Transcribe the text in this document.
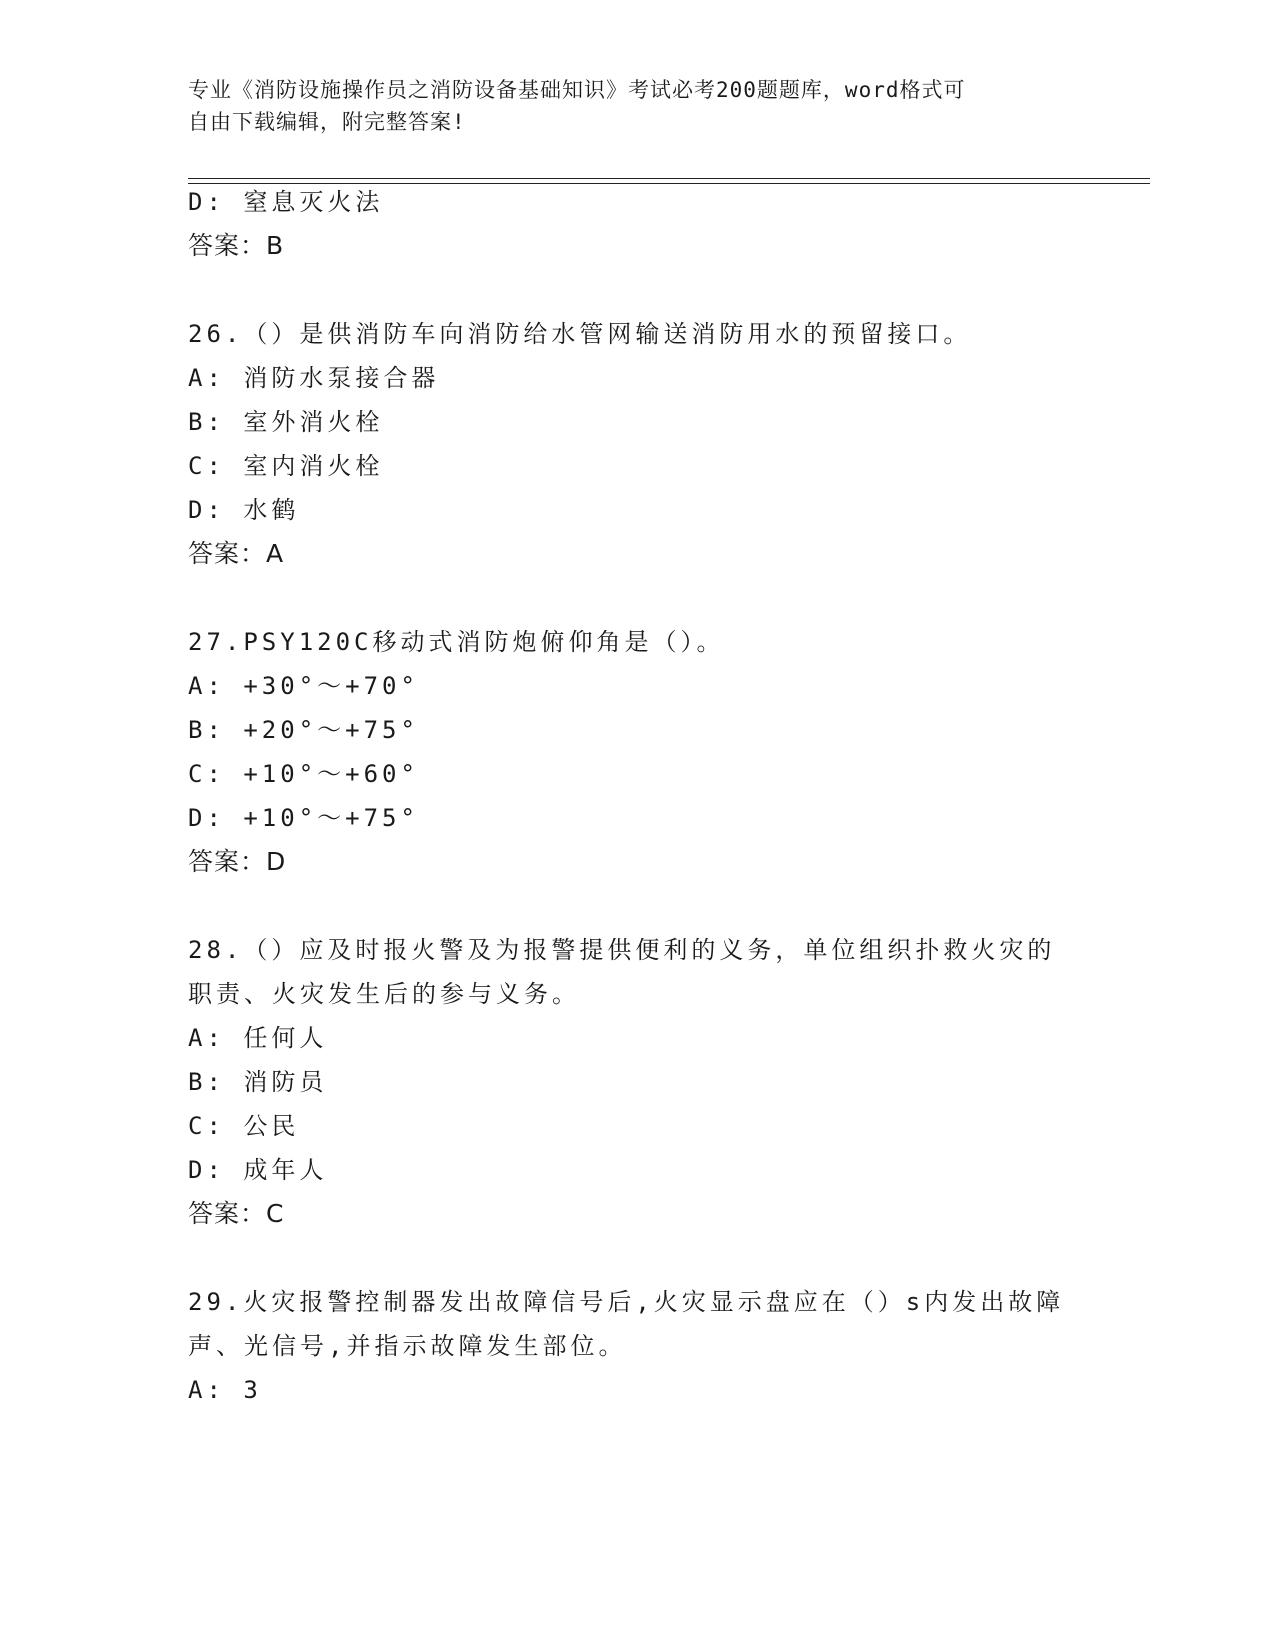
专业《消防设施操作员之消防设备基础知识》考试必考200题题库，word格式可
自由下载编辑，附完整答案!
D: 窒息灭火法
答案：B
26.（）是供消防车向消防给水管网输送消防用水的预留接口。
A: 消防水泵接合器
B: 室外消火栓
C: 室内消火栓
D: 水鹤
答案：A
27.PSY120C移动式消防炮俯仰角是（）。
A: +30°～+70°
B: +20°～+75°
C: +10°～+60°
D: +10°～+75°
答案：D
28.（）应及时报火警及为报警提供便利的义务，单位组织扑救火灾的
职责、火灾发生后的参与义务。
A: 任何人
B: 消防员
C: 公民
D: 成年人
答案：C
29.火灾报警控制器发出故障信号后,火灾显示盘应在（）s内发出故障
声、光信号,并指示故障发生部位。
A: 3
